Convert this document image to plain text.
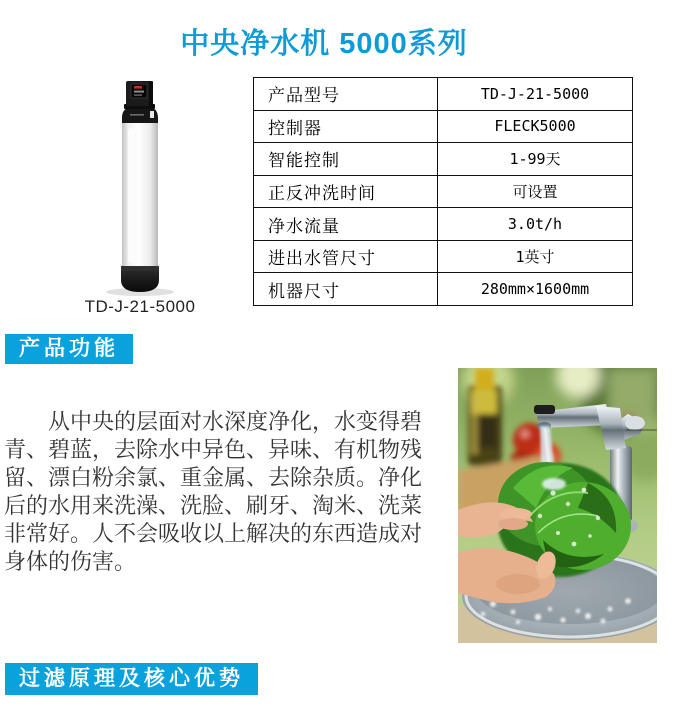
中央净水机 5000系列
TD-J-21-5000
产品型号	TD-J-21-5000
控制器	FLECK5000
智能控制	1-99天
正反冲洗时间	可设置
净水流量	3.0t/h
进出水管尺寸	1英寸
机器尺寸	280mm×1600mm
产品功能
从中央的层面对水深度净化，水变得碧
青、碧蓝，去除水中异色、异味、有机物残
留、漂白粉余氯、重金属、去除杂质。净化
后的水用来洗澡、洗脸、刷牙、淘米、洗菜
非常好。人不会吸收以上解决的东西造成对
身体的伤害。
过滤原理及核心优势
